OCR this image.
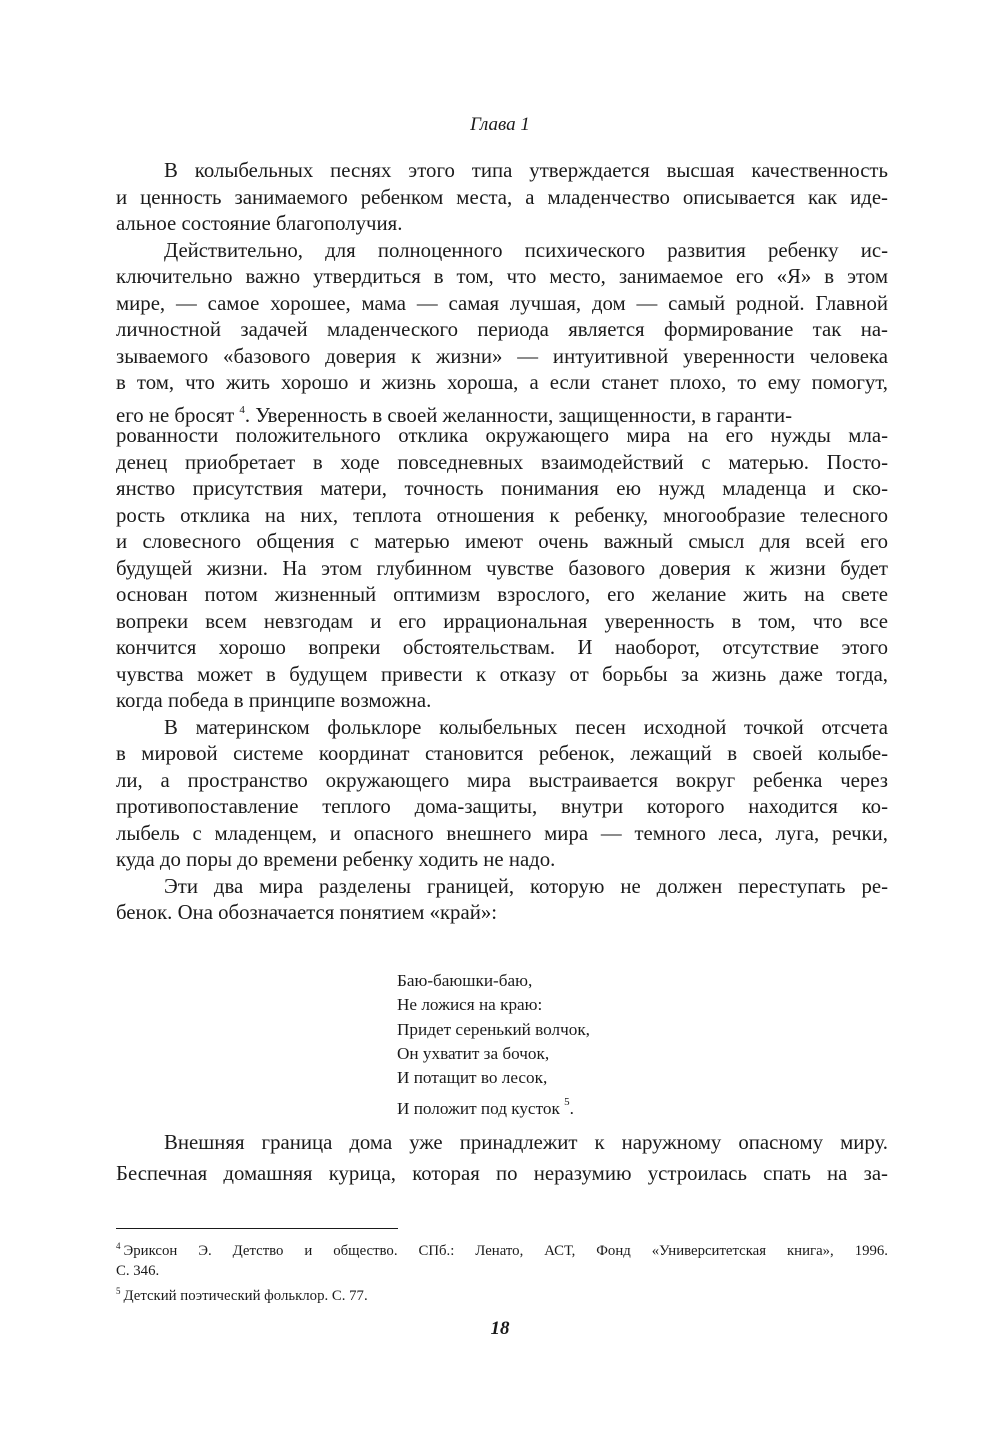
Глава 1
В колыбельных песнях этого типа утверждается высшая качественность
и ценность занимаемого ребенком места, а младенчество описывается как иде-
альное состояние благополучия.
Действительно, для полноценного психического развития ребенку ис-
ключительно важно утвердиться в том, что место, занимаемое его «Я» в этом
мире, — самое хорошее, мама — самая лучшая, дом — самый родной. Главной
личностной задачей младенческого периода является формирование так на-
зываемого «базового доверия к жизни» — интуитивной уверенности человека
в том, что жить хорошо и жизнь хороша, а если станет плохо, то ему помогут,
его не бросят $^4$. Уверенность в своей желанности, защищенности, в гаранти-
рованности положительного отклика окружающего мира на его нужды мла-
денец приобретает в ходе повседневных взаимодействий с матерью. Посто-
янство присутствия матери, точность понимания ею нужд младенца и ско-
рость отклика на них, теплота отношения к ребенку, многообразие телесного
и словесного общения с матерью имеют очень важный смысл для всей его
будущей жизни. На этом глубинном чувстве базового доверия к жизни будет
основан потом жизненный оптимизм взрослого, его желание жить на свете
вопреки всем невзгодам и его иррациональная уверенность в том, что все
кончится хорошо вопреки обстоятельствам. И наоборот, отсутствие этого
чувства может в будущем привести к отказу от борьбы за жизнь даже тогда,
когда победа в принципе возможна.
В материнском фольклоре колыбельных песен исходной точкой отсчета
в мировой системе координат становится ребенок, лежащий в своей колыбе-
ли, а пространство окружающего мира выстраивается вокруг ребенка через
противопоставление теплого дома-защиты, внутри которого находится ко-
лыбель с младенцем, и опасного внешнего мира — темного леса, луга, речки,
куда до поры до времени ребенку ходить не надо.
Эти два мира разделены границей, которую не должен переступать ре-
бенок. Она обозначается понятием «край»:
Баю-баюшки-баю,
Не ложися на краю:
Придет серенький волчок,
Он ухватит за бочок,
И потащит во лесок,
И положит под кусток $^5$.
Внешняя граница дома уже принадлежит к наружному опасному миру.
Беспечная домашняя курица, которая по неразумию устроилась спать на за-
$^4$ Эриксон Э. Детство и общество. СПб.: Ленато, АСТ, Фонд «Университетская книга», 1996.
С. 346.
$^5$ Детский поэтический фольклор. С. 77.
18
